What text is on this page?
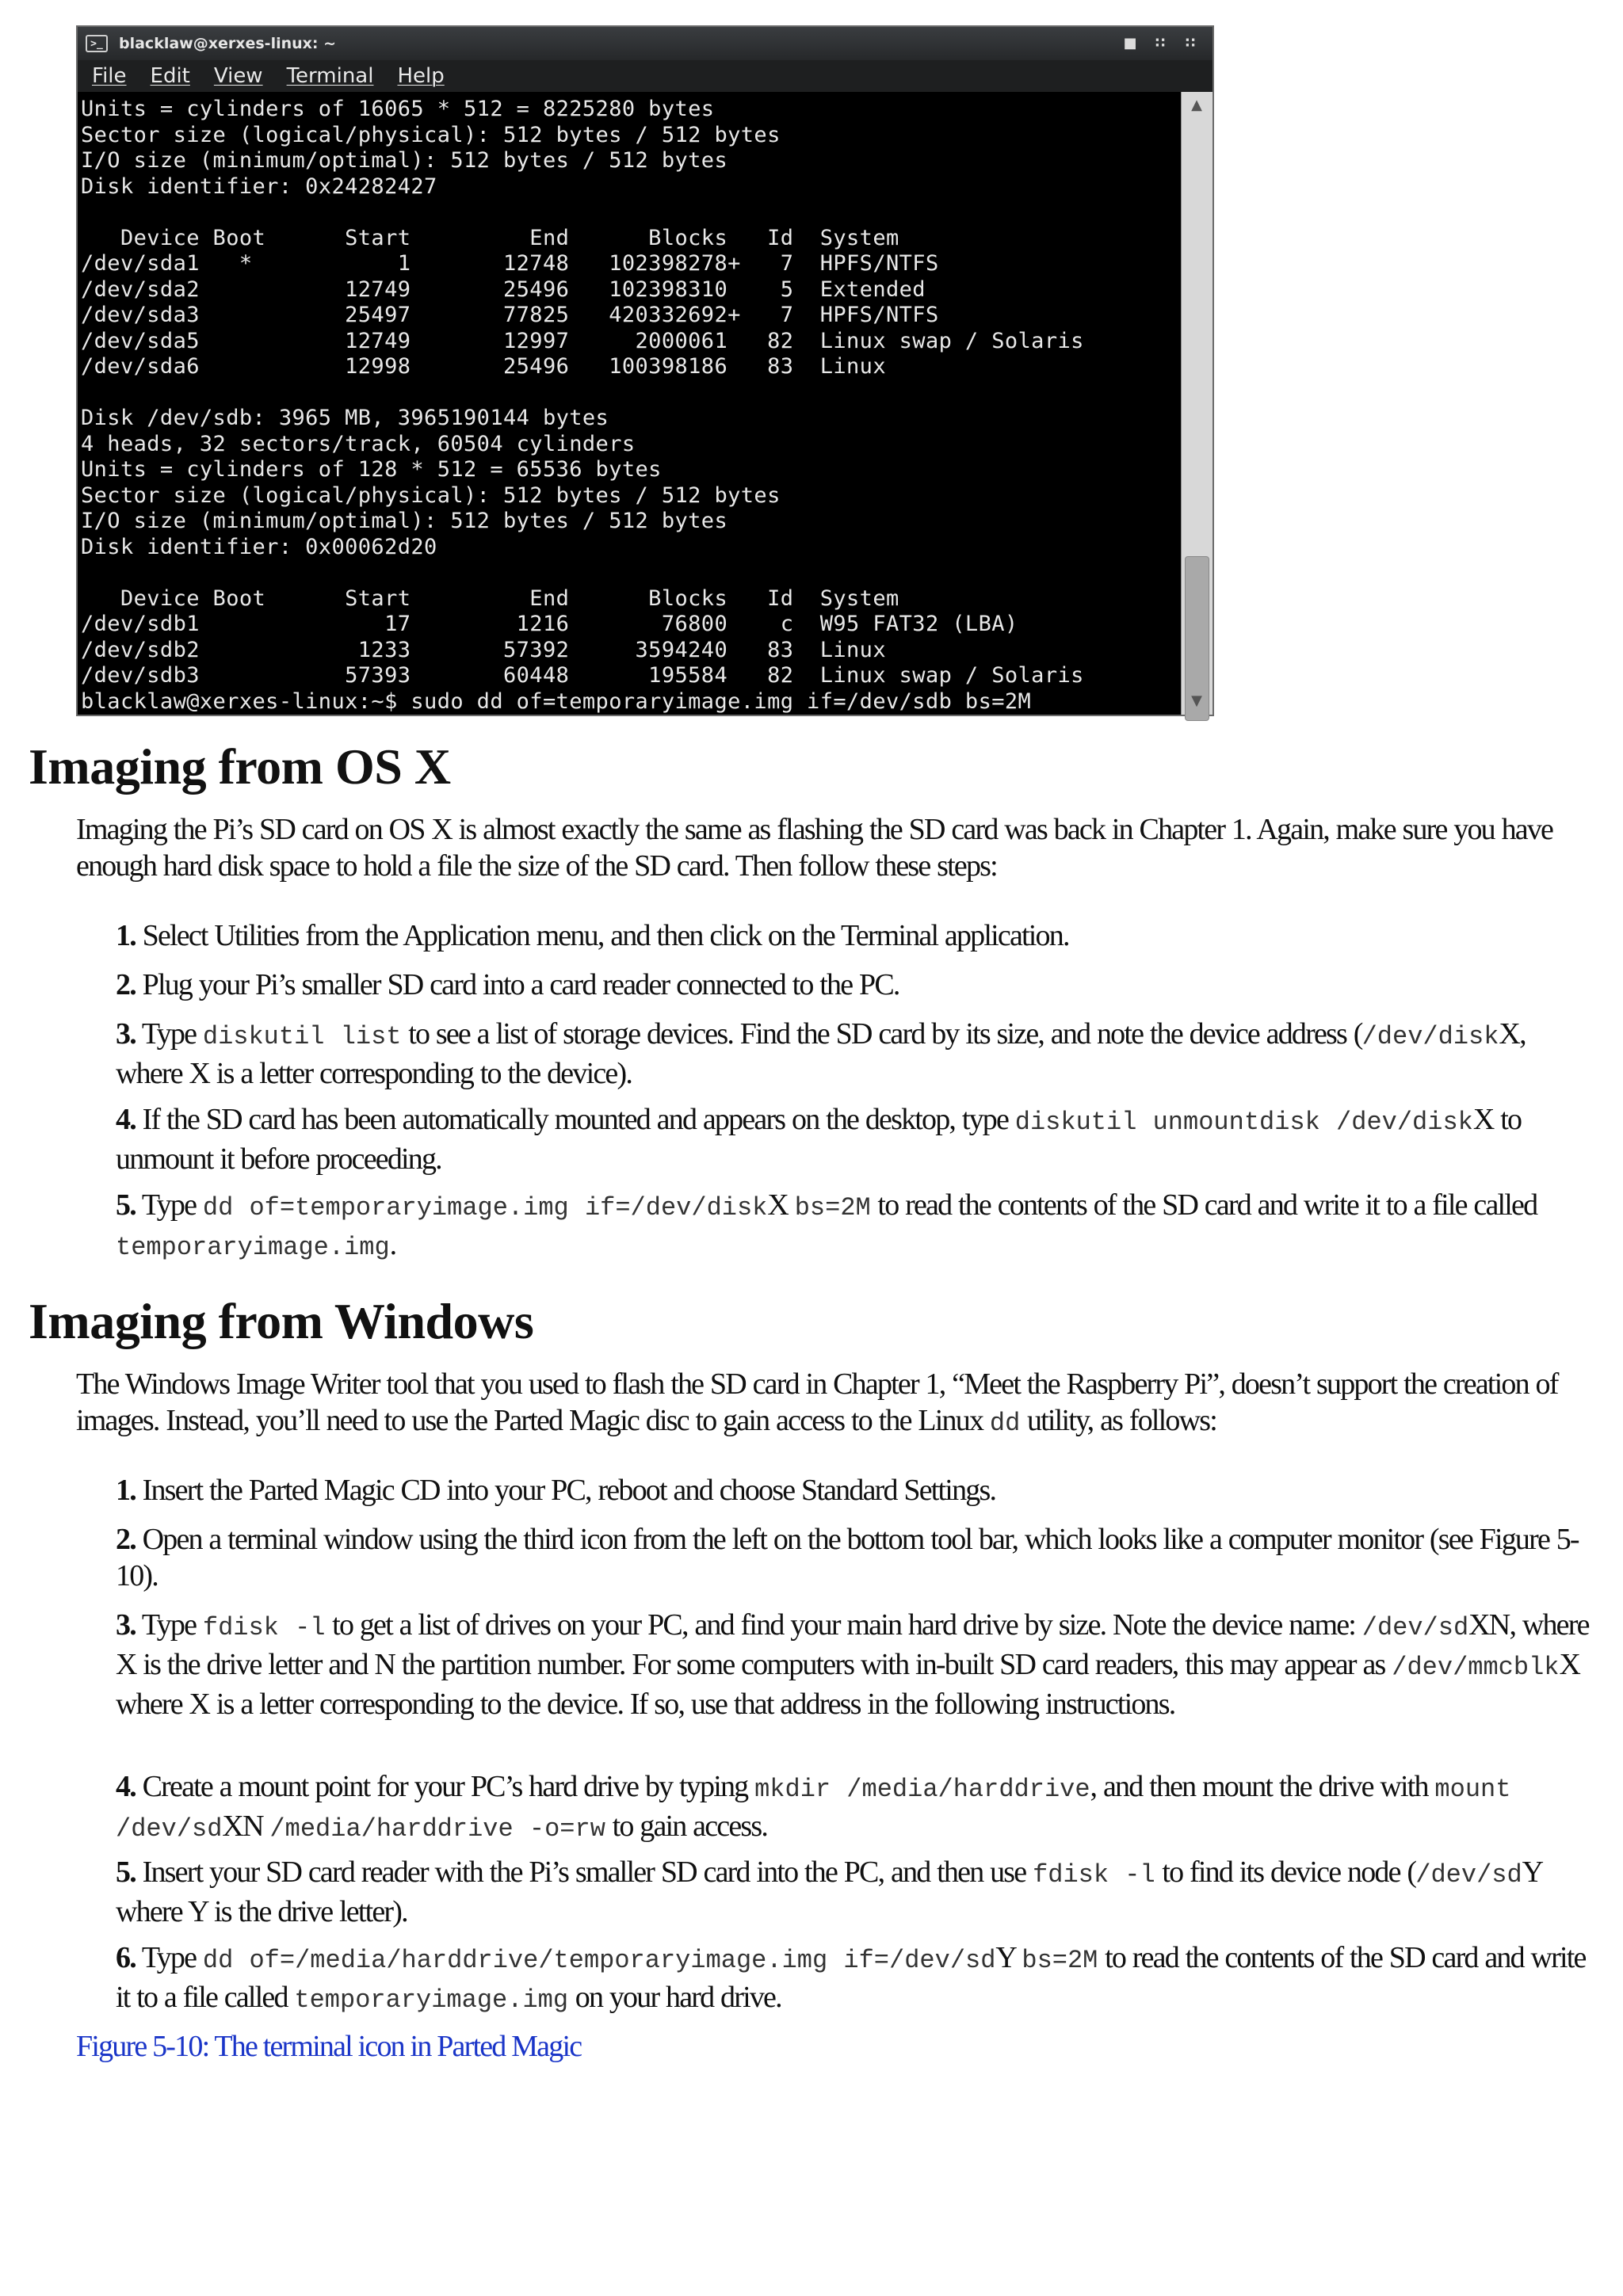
>_	blacklaw@xerxes-linux: ~	■	∷	∷
File Edit View Terminal Help
Units = cylinders of 16065 * 512 = 8225280 bytes
Sector size (logical/physical): 512 bytes / 512 bytes
I/O size (minimum/optimal): 512 bytes / 512 bytes
Disk identifier: 0x24282427
Device Boot      Start         End      Blocks   Id  System
/dev/sda1   *           1       12748   102398278+   7  HPFS/NTFS
/dev/sda2           12749       25496   102398310    5  Extended
/dev/sda3           25497       77825   420332692+   7  HPFS/NTFS
/dev/sda5           12749       12997     2000061   82  Linux swap / Solaris
/dev/sda6           12998       25496   100398186   83  Linux
Disk /dev/sdb: 3965 MB, 3965190144 bytes
4 heads, 32 sectors/track, 60504 cylinders
Units = cylinders of 128 * 512 = 65536 bytes
Sector size (logical/physical): 512 bytes / 512 bytes
I/O size (minimum/optimal): 512 bytes / 512 bytes
Disk identifier: 0x00062d20
Device Boot      Start         End      Blocks   Id  System
/dev/sdb1              17        1216       76800    c  W95 FAT32 (LBA)
/dev/sdb2            1233       57392     3594240   83  Linux
/dev/sdb3           57393       60448      195584   82  Linux swap / Solaris
blacklaw@xerxes-linux:~$ sudo dd of=temporaryimage.img if=/dev/sdb bs=2M
▲
▼
Imaging from OS X

Imaging the Pi’s SD card on OS X is almost exactly the same as flashing the SD card was back in Chapter 1. Again, make sure you have enough hard disk space to hold a file the size of the SD card. Then follow these steps:

1. Select Utilities from the Application menu, and then click on the Terminal application.

2. Plug your Pi’s smaller SD card into a card reader connected to the PC.

3. Type diskutil list to see a list of storage devices. Find the SD card by its size, and note the device address (/dev/diskX, where X is a letter corresponding to the device).

4. If the SD card has been automatically mounted and appears on the desktop, type diskutil unmountdisk /dev/diskX to unmount it before proceeding.

5. Type dd of=temporaryimage.img if=/dev/diskX bs=2M to read the contents of the SD card and write it to a file called temporaryimage.img.

Imaging from Windows

The Windows Image Writer tool that you used to flash the SD card in Chapter 1, “Meet the Raspberry Pi”, doesn’t support the creation of images. Instead, you’ll need to use the Parted Magic disc to gain access to the Linux dd utility, as follows:

1. Insert the Parted Magic CD into your PC, reboot and choose Standard Settings.

2. Open a terminal window using the third icon from the left on the bottom tool bar, which looks like a computer monitor (see Figure 5-10).

3. Type fdisk -l to get a list of drives on your PC, and find your main hard drive by size. Note the device name: /dev/sdXN, where X is the drive letter and N the partition number. For some computers with in-built SD card readers, this may appear as /dev/mmcblkX where X is a letter corresponding to the device. If so, use that address in the following instructions.

4. Create a mount point for your PC’s hard drive by typing mkdir /media/harddrive, and then mount the drive with mount /dev/sdXN /media/harddrive -o=rw to gain access.

5. Insert your SD card reader with the Pi’s smaller SD card into the PC, and then use fdisk -l to find its device node (/dev/sdY where Y is the drive letter).

6. Type dd of=/media/harddrive/temporaryimage.img if=/dev/sdY bs=2M to read the contents of the SD card and write it to a file called temporaryimage.img on your hard drive.

Figure 5-10: The terminal icon in Parted Magic
